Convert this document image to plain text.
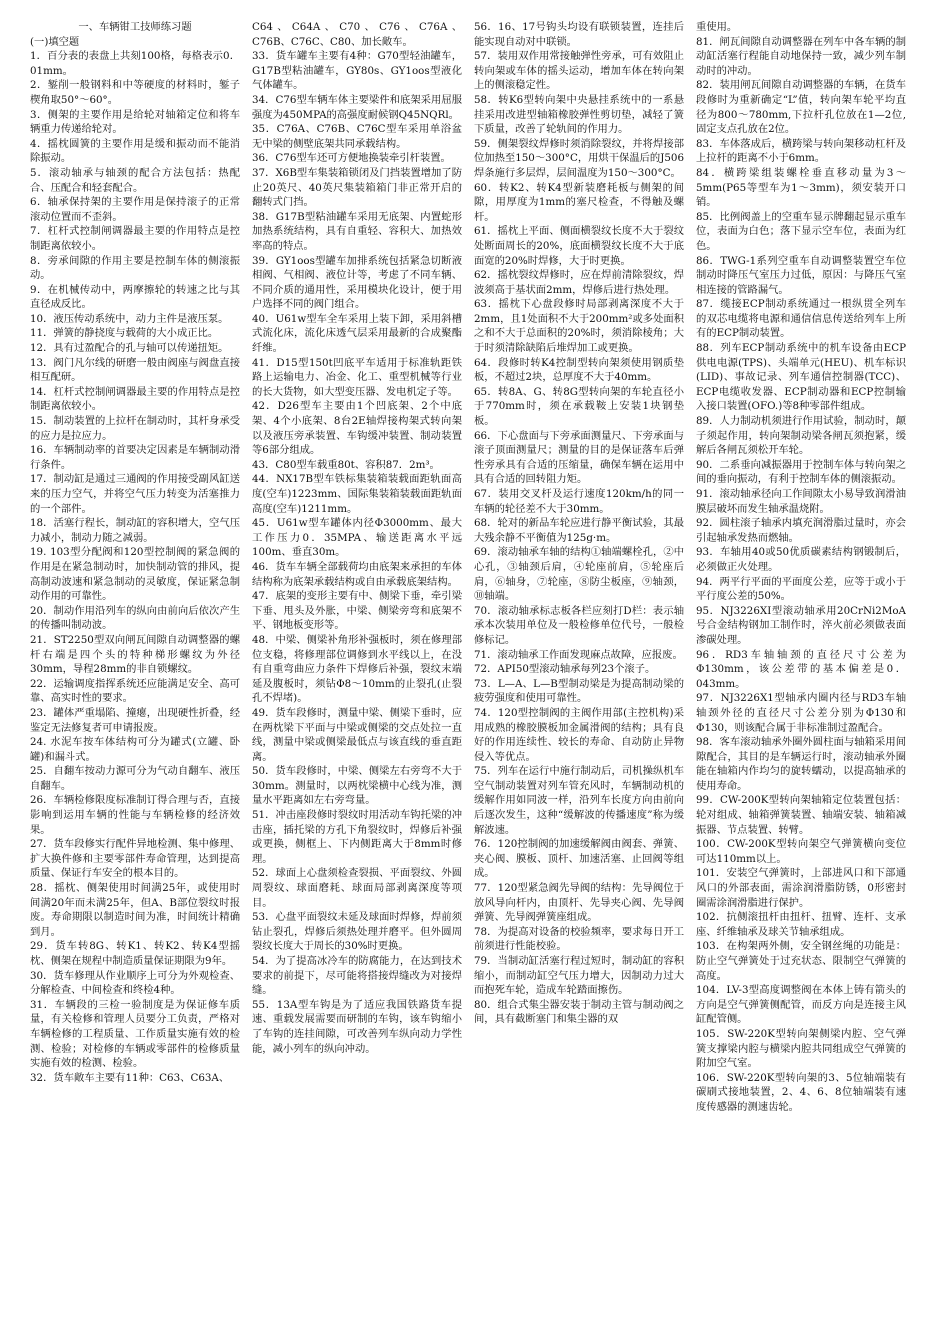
一、车辆钳工技师练习题

(一)填空题

1．百分表的表盘上共刻100格，每格表示0．01mm。

2．錾削一般钢料和中等硬度的材料时，錾子楔角取50°～60°。

3．侧架的主要作用是给轮对轴箱定位和将车辆重力传递给轮对。

4．摇枕圆簧的主要作用是缓和振动而不能消除振动。

5．滚动轴承与轴颈的配合方法包括：热配合、压配合和轻套配合。

6．轴承保持架的主要作用是保持滚子的正常滚动位置而不歪斜。

7．杠杆式控制闸调器最主要的作用特点是控制距离依较小。

8．旁承间隙的作用主要是控制车体的侧滚振动。

9．在机械传动中，两摩擦轮的转速之比与其直径成反比。

10．液压传动系统中，动力主件是液压泵。

11．弹簧的静挠度与载荷的大小成正比。

12．具有过盈配合的孔与轴可以传递扭矩。

13．阀门凡尔线的研磨一般由阀座与阀盘直接相互配研。

14．杠杆式控制闸调器最主要的作用特点是控制距离依较小。

15．制动装置的上拉杆在制动时，其杆身承受的应力是拉应力。

16．车辆制动率的首要决定因素是车辆制动滑行条件。

17．制动缸是通过三通阀的作用接受副风缸送来的压力空气，并将空气压力转变为活塞推力的一个部件。

18．活塞行程长，制动缸的容积增大，空气压力减小，制动力随之减弱。

19. 103型分配阀和120型控制阀的紧急阀的作用是在紧急制动时，加快制动管的排风，提高制动波速和紧急制动的灵敏度，保证紧急制动作用的可靠性。

20．制动作用沿列车的纵向由前向后依次产生的传播叫制动波。

21．ST2250型双向闸瓦间隙自动调整器的螺杆右端是四个头的特种梯形螺纹为外径30mm，导程28mm的非自锁螺纹。

22．运输调度指挥系统还应能满足安全、高可靠、高实时性的要求。

23．罐体严重塌陷、撞瘪，出现硬性折叠，经鉴定无法修复者可申请报废。

24. 水泥车按车体结构可分为罐式(立罐、卧罐)和漏斗式。

25．自翻车按动力源可分为气动自翻车、液压自翻车。

26．车辆检修限度标准制订得合理与否，直接影响到运用车辆的性能与车辆检修的经济效果。

27．货车段修实行配件异地检测、集中修理、扩大换件修和主要零部件寿命管理，达到提高质量、保证行车安全的根本目的。

28．摇枕、侧架使用时间满25年，或使用时间满20年而未满25年，但A、B部位裂纹时报废。寿命期限以制造时间为准，时间统计精确到月。

29．货车转8G、转K1、转K2、转K4型摇枕、侧架在规程中制造质量保证期限为9年。

30．货车修理从作业顺序上可分为外观检查、分解检查、中间检查和终检4种。

31．车辆段的三检一验制度是为保证修车质量，有关检修和管理人员要分工负责，严格对车辆检修的工程质量、工作质量实施有效的检测、检验；对检修的车辆或零部件的检修质量实施有效的检测、检验。

32．货车敞车主要有11种：C63、C63A、

C64、C64A、C70、C76、C76A、C76B、C76C、C80、加长敞车。

33．货车罐车主要有4种：G70型轻油罐车，G17B型粘油罐车，GY80s、GY1oos型液化气体罐车。

34．C76型车辆车体主要梁件和底架采用屈服强度为450MPA的高强度耐候钢Q45NQRl。

35．C76A、C76B、C76C型车采用单浴盆无中梁的侧壁底架共同承载结构。

36．C76型车还可方便地换装牵引杆装置。

37．X6B型车集装箱锁闭及门挡装置增加了防止20英尺、40英尺集装箱箱门非正常开启的翻转式门挡。

38．G17B型粘油罐车采用无底架、内置蛇形加热系统结构，具有自重轻、容积大、加热效率高的特点。

39．GY1oos型罐车加排系统包括紧急切断液相阀、气相阀、液位计等，考虑了不同车辆、不同介质的通用性，采用模块化设计，便于用户选择不同的阀门组合。

40．U61w型车全车采用上装下卸，采用斜槽式流化床，流化床透气层采用最新的合成聚酯纤维。

41．D15型150t凹底平车适用于标准轨距铁路上运输电力、冶金、化工、重型机械等行业的长大货物，如大型变压器、发电机定子等。

42．D26型车主要由1个凹底架、2个中底架、4个小底架、8台2E轴焊接构架式转向架以及液压旁承装置、车钩缓冲装置、制动装置等6部分组成。

43．C80型车载重80t、容积87．2m³。

44．NX17B型车铁标集装箱装载面距轨面高度(空车)1223mm、国际集装箱装载面距轨面高度(空车)1211mm。

45．U61w型车罐体内径Φ3000mm、最大工作压力0．35MPA、输送距离水平远100m、垂直30m。

46．货车车辆全部载荷均由底架来承担的车体结构称为底架承载结构或自由承载底架结构。

47．底架的变形主要有中、侧梁下垂，牵引梁下垂、甩头及外胀，中梁、侧梁旁弯和底架不平、钢地板变形等。

48．中梁、侧梁补角形补强板时，须在修理部位支稳，将修理部位调修到水平线以上，在没有自重弯曲应力条件下焊修后补强，裂纹末端延及腹板时，须钻Φ8～10mm的止裂孔(止裂孔不焊堵)。

49．货车段修时，测量中梁、侧梁下垂时，应在两枕梁下平面与中梁或侧梁的交点处拉一直线，测量中梁或侧梁最低点与该直线的垂直距离。

50．货车段修时，中梁、侧梁左右旁弯不大于30mm。测量时，以两枕梁横中心线为准，测量水平距离如左右旁弯量。

51．冲击座段修时裂纹时用活动车钩托梁的冲击座，插托梁的方孔下角裂纹时，焊修后补强或更换，侧框上、下内侧距离大于8mm时修理。

52．球面上心盘须检查裂损、平面裂纹、外圆周裂纹、球面磨耗、球面局部剥离深度等项目。

53．心盘平面裂纹未延及球面时焊修，焊前须钻止裂孔，焊修后须热处理并磨平。但外圆周裂纹长度大于周长的30%时更换。

54．为了提高冰冷车的防腐能力，在达到技术要求的前提下，尽可能将搭接焊缝改为对接焊缝。

55．13A型车钩是为了适应我国铁路货车提速、重载发展需要而研制的车钩，该车钩缩小了车钩的连挂间隙，可改善列车纵向动力学性能，减小列车的纵向冲动。

56．16、17号钩头均设有联锁装置，连挂后能实现自动对中联锁。

57．装用双作用常接触弹性旁承，可有效阻止转向架或车体的摇头运动，增加车体在转向架上的侧滚稳定性。

58．转K6型转向架中央悬挂系统中的一系悬挂采用改进型轴箱橡胶弹性剪切垫，减轻了簧下质量，改善了轮轨间的作用力。

59．侧架裂纹焊修时须消除裂纹，并将焊接部位加热至150～300°C，用烘干保温后的J506焊条施行多层焊，层间温度为150～300°C。

60．转K2、转K4型新装磨耗板与侧架的间隙，用厚度为1mm的塞尺检查，不得触及螺杆。

61．摇枕上平面、侧面横裂纹长度不大于裂纹处断面周长的20%，底面横裂纹长度不大于底面宽的20%时焊修，大于时更换。

62．摇枕裂纹焊修时，应在焊前清除裂纹，焊波须高于基状面2mm，焊修后进行热处理。

63．摇枕下心盘段修时局部剥离深度不大于2mm，且1处面积不大于200mm²或多处面积之和不大于总面积的20%时，须消除棱角；大于时须清除缺陷后堆焊加工或更换。

64．段修时转K4控制型转向架须使用钢质垫板，不超过2块，总厚度不大于40mm。

65．转8A、G、转8G型转向架的车轮直径小于770mm时，须在承载鞍上安装1块钢垫板。

66．下心盘面与下旁承面测量尺、下旁承面与滚子顶面测量尺；测量的目的是保证落车后弹性旁承具有合适的压缩量，确保车辆在运用中具有合适的回转阻力矩。

67．装用交叉杆及运行速度120km/h的同一车辆的轮径差不大于30mm。

68．轮对的新品车轮应进行静平衡试验，其最大残余静不平衡值为125g·m。

69．滚动轴承车轴的结构①轴端螺栓孔，②中心孔，③轴颈后肩，④轮座前肩，⑤轮座后肩，⑥轴身，⑦轮座，⑧防尘板座，⑨轴颈，⑩轴端。

70．滚动轴承标志板各栏应刻打D栏：表示轴承本次装用单位及一般检修单位代号，一般检修标记。

71．滚动轴承工作面发现麻点故障，应报废。

72．API50型滚动轴承每列23个滚子。

73．L—A、L—B型制动梁是为提高制动梁的疲劳强度和使用可靠性。

74．120型控制阀的主阀作用部(主控机构)采用成熟的橡胶膜板加金属滑阀的结构；具有良好的作用连续性、较长的寿命、自动防止异物侵入等优点。

75．列车在运行中施行制动后，司机操纵机车空气制动装置对列车管充风时，车辆制动机的缓解作用如同波一样，沿列车长度方向由前向后逐次发生，这种“缓解波的传播速度”称为缓解波速。

76．120控制阀的加速缓解阀由阀套、弹簧、夹心阀、膜板、顶杆、加速活塞、止回阀等组成。

77．120型紧急阀先导阀的结构：先导阀位于放风导向杆内，由顶杆、先导夹心阀、先导阀弹簧、先导阀弹簧座组成。

78．为提高对设备的校验频率，要求每日开工前须进行性能校验。

79．当制动缸活塞行程过短时，制动缸的容积缩小，而制动缸空气压力增大，因制动力过大而抱死车轮，造成车轮踏面擦伤。

80．组合式集尘器安装于制动主管与制动阀之间，具有截断塞门和集尘器的双

重使用。

81．闸瓦间隙自动调整器在列车中各车辆的制动缸活塞行程能自动地保持一致，减少列车制动时的冲动。

82．装用闸瓦间隙自动调整器的车辆，在货车段修时为重新确定“L”值，转向架车轮平均直径为800～780mm,下拉杆孔位放在1—2位,固定支点孔放在2位。

83．车体落成后，横跨梁与转向架移动杠杆及上拉杆的距离不小于6mm。

84．横跨梁组装螺栓垂直移动量为3～5mm(P65等型车为1～3mm)，须安装开口销。

85．比例阀盖上的空重车显示牌翻起显示重车位，表面为白色；落下显示空车位，表面为红色。

86．TWG-1系列空重车自动调整装置空车位制动时降压气室压力过低，原因：与降压气室相连接的管路漏气。

87．缆接ECP制动系统通过一根纵贯全列车的双芯电缆将电源和通信信息传送给列车上所有的ECP制动装置。

88．列车ECP制动系统中的机车设备由ECP供电电源(TPS)、头端单元(HEU)、机车标识(LID)、事故记录、列车通信控制器(TCC)、ECP电缆收发器、ECP制动器和ECP控制输入接口装置(OFO.)等8种零部件组成。

89．人力制动机须进行作用试验，制动时，颠子须起作用，转向架制动梁各闸瓦须抱紧，缓解后各闸瓦须松开车轮。

90．二系垂向减振器用于控制车体与转向架之间的垂向振动，有利于控制车体的侧滚振动。

91．滚动轴承径向工作间隙太小易导致润滑油膜层破坏而发生轴承温烧附。

92．圆柱滚子轴承内填充润滑脂过量时，亦会引起轴承发热而燃轴。

93．车轴用40或50优质碳素结构钢锻制后，必须做正火处理。

94．两平行平面的平面度公差，应等于或小于平行度公差的50%。

95．NJ3226XI型滚动轴承用20CrNi2MoA号合金结构钢加工制作时，淬火前必须做表面渗碳处理。

96．RD3车轴轴颈的直径尺寸公差为Φ130mm，该公差带的基本偏差是0．043mm。

97．NJ3226X1型轴承内圈内径与RD3车轴轴颈外径的直径尺寸公差分别为Φ130和Φ130，则该配合属于非标准制过盈配合。

98．客车滚动轴承外圈外圆柱面与轴箱采用间隙配合，其目的是车辆运行时，滚动轴承外圈能在轴箱内作均匀的旋转蠕动，以提高轴承的使用寿命。

99．CW-200K型转向架轴箱定位装置包括：轮对组成、轴箱弹簧装置、轴端安装、轴箱减振器、节点装置、转臂。

100．CW-200K型转向架空气弹簧横向变位可达110mm以上。

101．安装空气弹簧时，上部进风口和下部通风口的外部表面，需涂润滑脂防锈，0形密封圈需涂润滑脂进行保护。

102．抗侧滚扭杆由扭杆、扭臂、连杆、支承座、纤维轴承及球关节轴承组成。

103．在构架两外侧，安全钢丝绳的功能是：防止空气弹簧处于过充状态、限制空气弹簧的高度。

104．LV-3型高度调整阀在本体上铸有箭头的方向是空气弹簧侧配管，而反方向是连接主风缸配管侧。

105．SW-220K型转向架侧梁内腔、空气弹簧支撑梁内腔与横梁内腔共同组成空气弹簧的附加空气室。

106．SW-220K型转向架的3、5位轴端装有碳刷式接地装置，2、4、6、8位轴端装有速度传感器的测速齿轮。
